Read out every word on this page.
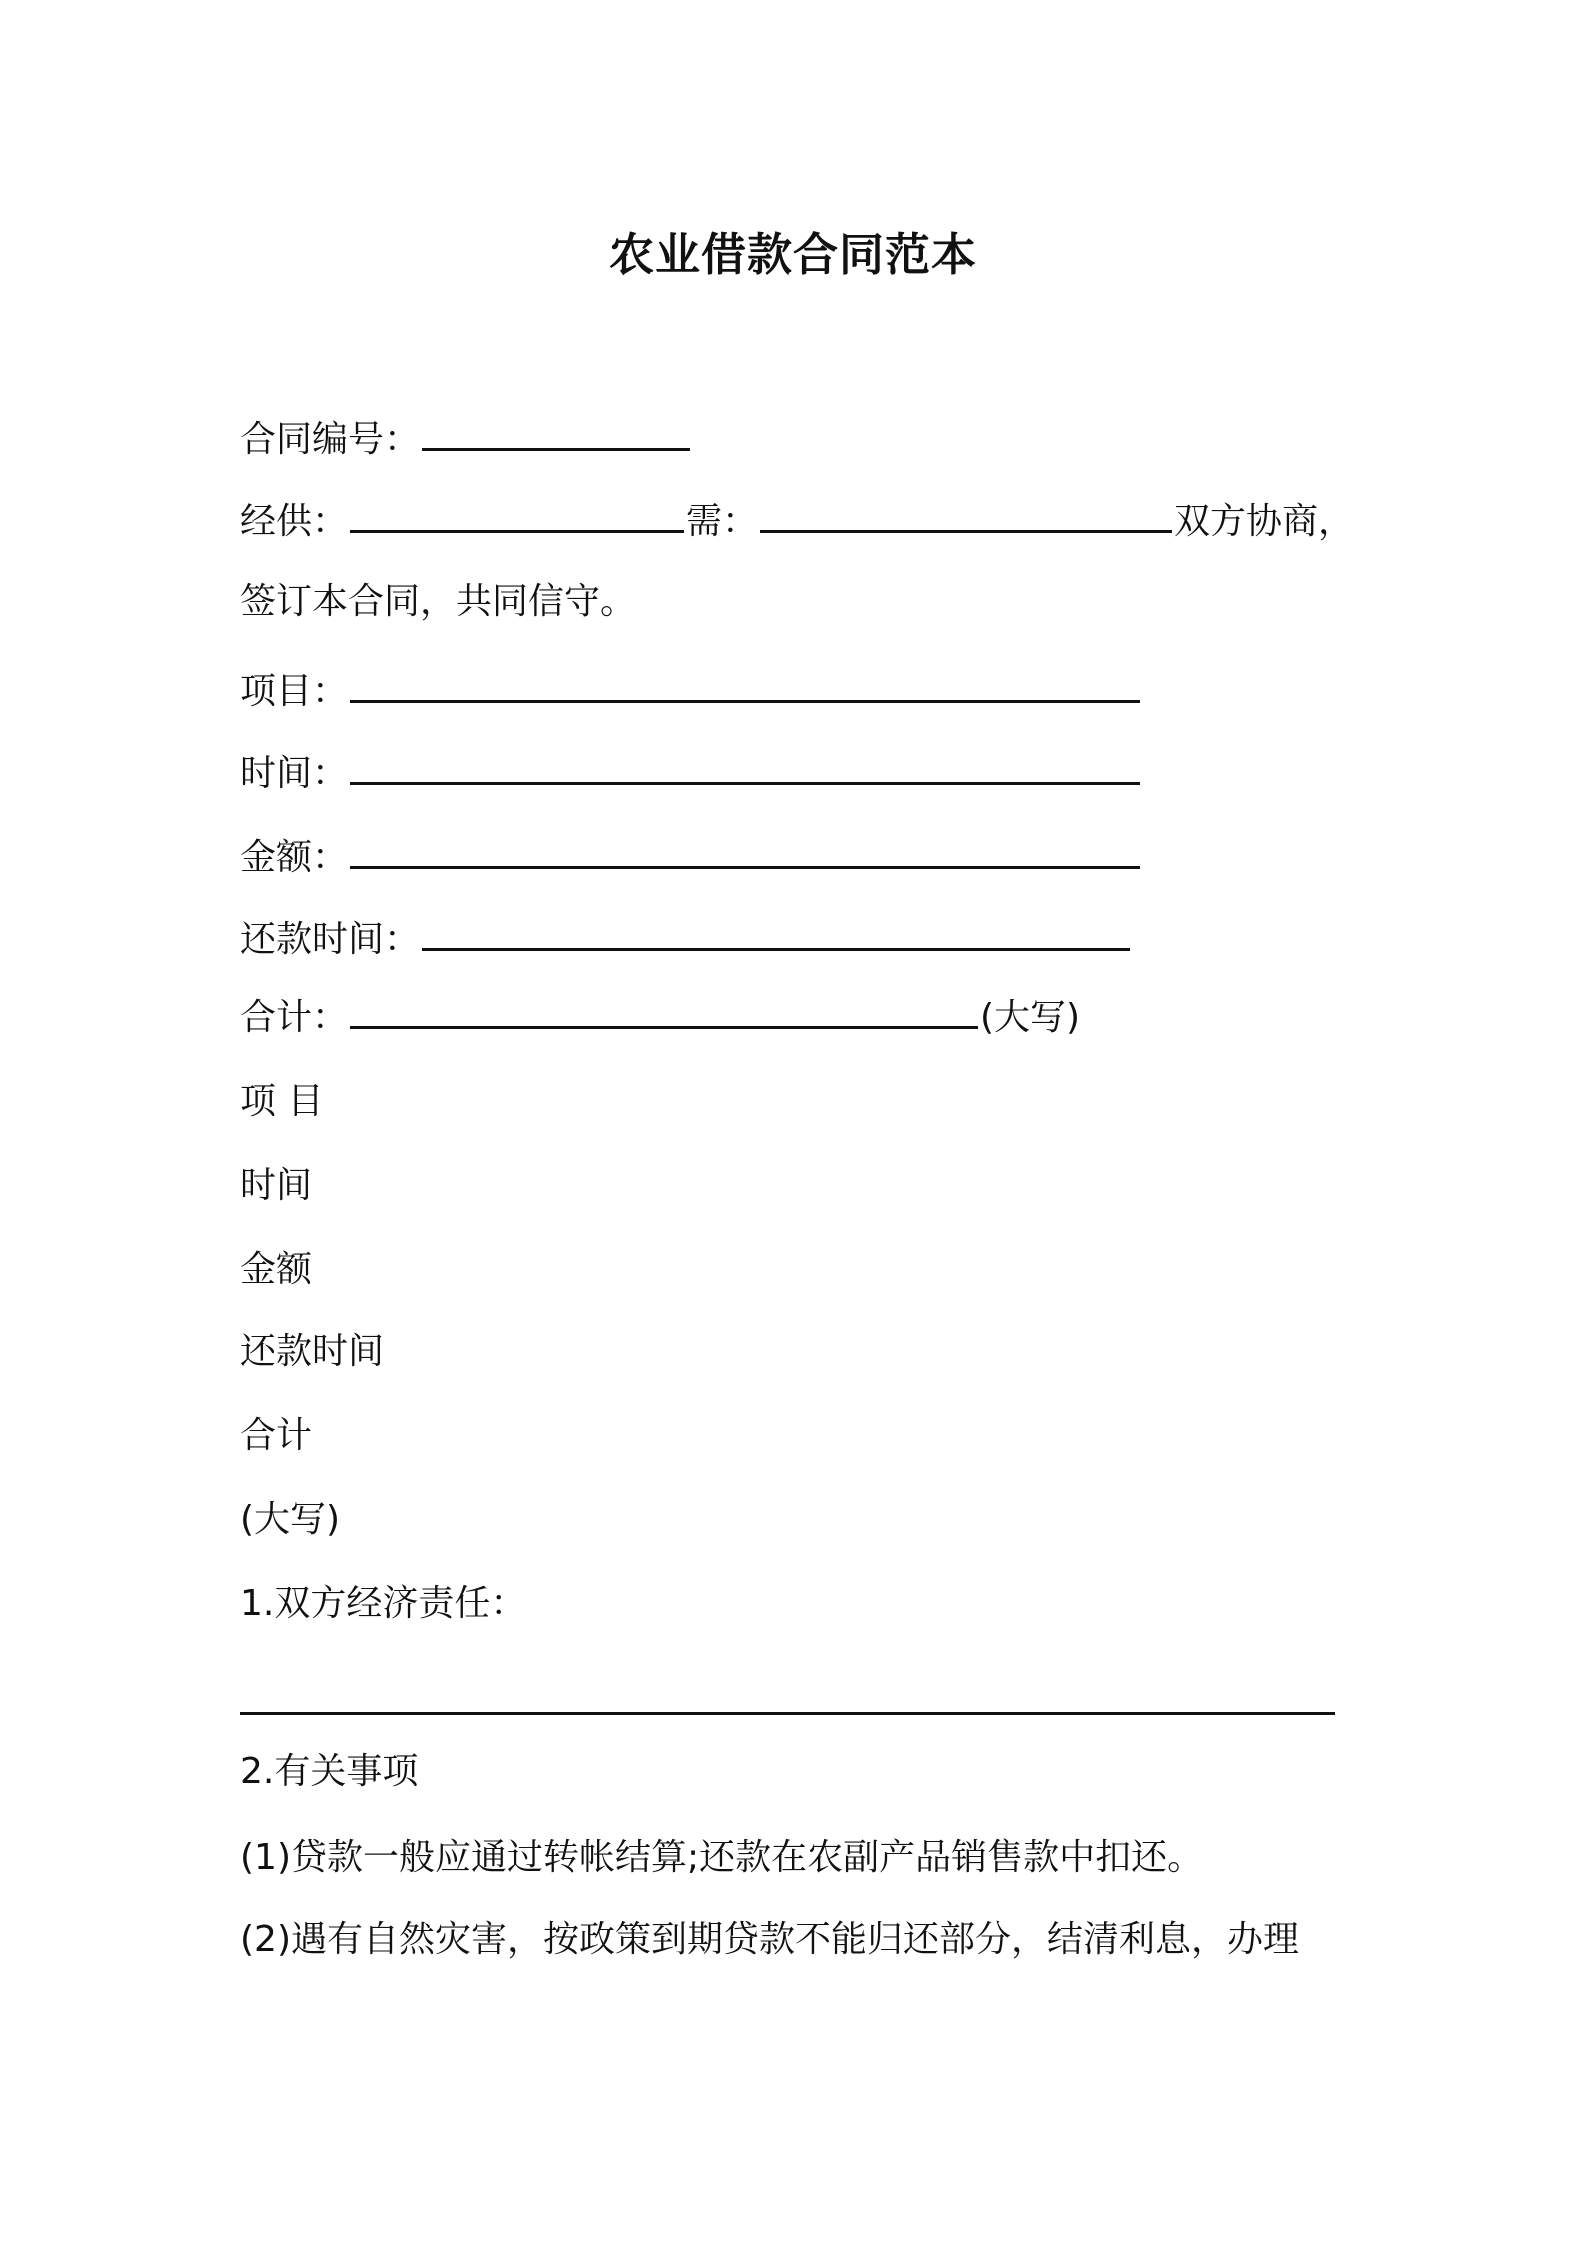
农业借款合同范本
合同编号：
经供：	需：	双方协商，
签订本合同，共同信守。
项目：
时间：
金额：
还款时间：
合计：	(大写)
项 目
时间
金额
还款时间
合计
(大写)
1.双方经济责任：
2.有关事项
(1)贷款一般应通过转帐结算;还款在农副产品销售款中扣还。
(2)遇有自然灾害，按政策到期贷款不能归还部分，结清利息，办理
